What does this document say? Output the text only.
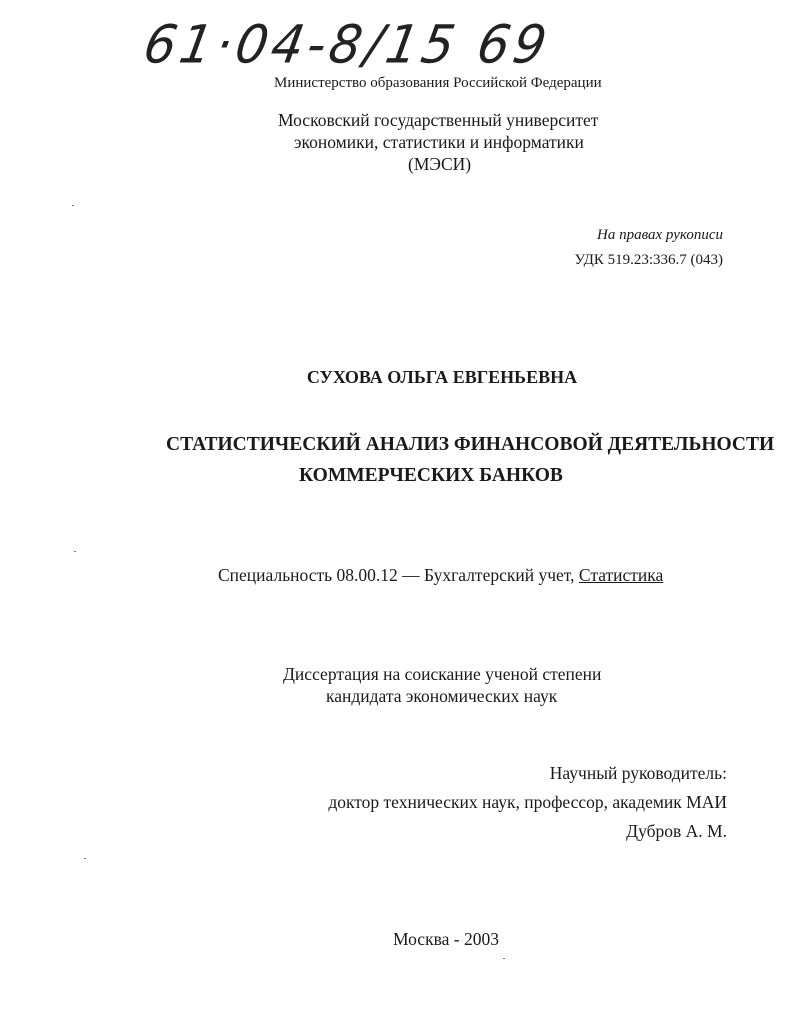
61·04-8/15 69
Министерство образования Российской Федерации
Московский государственный университет
экономики, статистики и информатики
(МЭСИ)
На правах рукописи
УДК 519.23:336.7 (043)
СУХОВА ОЛЬГА ЕВГЕНЬЕВНА
СТАТИСТИЧЕСКИЙ АНАЛИЗ ФИНАНСОВОЙ ДЕЯТЕЛЬНОСТИ
КОММЕРЧЕСКИХ БАНКОВ
Специальность 08.00.12 — Бухгалтерский учет, Статистика
Диссертация на соискание ученой степени
кандидата экономических наук
Научный руководитель:
доктор технических наук, профессор, академик МАИ
Дубров А. М.
Москва - 2003
